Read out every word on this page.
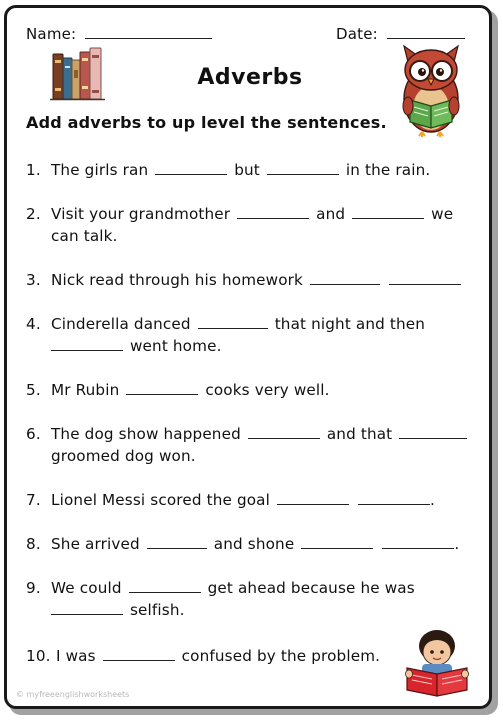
Name:	Date:
Adverbs
Add adverbs to up level the sentences.
1. The girls ran	but	in the rain.
2. Visit your grandmother	and	we
can talk.
3. Nick read through his homework
4. Cinderella danced	that night and then
went home.
5. Mr Rubin	cooks very well.
6. The dog show happened	and that
groomed dog won.
7. Lionel Messi scored the goal	.
8. She arrived	and shone	.
9. We could	get ahead because he was
selfish.
10. I was	confused by the problem.
© myfreeenglishworksheets
